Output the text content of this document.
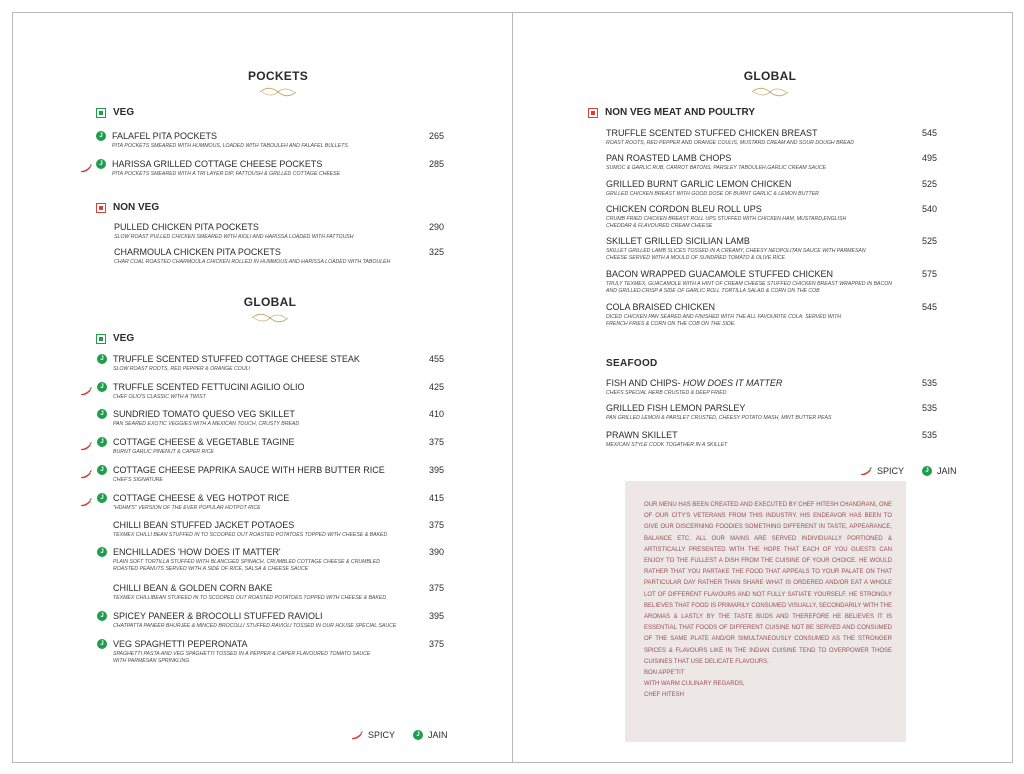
POCKETS
VEG
J	FALAFEL PITA POCKETS
PITA POCKETS SMEARED WITH HUMMOUS, LOADED WITH TABOULEH AND FALAFEL BULLETS
265
J	HARISSA GRILLED COTTAGE CHEESE POCKETS
PITA POCKETS SMEARED WITH A TRI LAYER DIP, FATTOUSH & GRILLED COTTAGE CHEESE
285
NON VEG
PULLED CHICKEN PITA POCKETS
SLOW ROAST PULLED CHICKEN SMEARED WITH AIOLI AND HARISSA LOADED WITH FATTOUSH
290
CHARMOULA CHICKEN PITA POCKETS
CHAR COAL ROASTED CHARMOULA CHICKEN ROLLED IN HUMMOUS AND HARISSA LOADED WITH TABOULEH
325
GLOBAL
VEG
J	TRUFFLE SCENTED STUFFED COTTAGE CHEESE STEAK
SLOW ROAST ROOTS, RED PEPPER & ORANGE COULI
455
J	TRUFFLE SCENTED FETTUCINI AGILIO OLIO
CHEF OLIO'S CLASSIC WITH A TWIST
425
J	SUNDRIED TOMATO QUESO VEG SKILLET
PAN SEARED EXOTIC VEGGIES WITH A MEXICAN TOUCH, CRUSTY BREAD
410
J	COTTAGE CHEESE & VEGETABLE TAGINE
BURNT GARLIC PINENUT & CAPER RICE
375
J	COTTAGE CHEESE PAPRIKA SAUCE WITH HERB BUTTER RICE
CHEF'S SIGNATURE
395
J	COTTAGE CHEESE & VEG HOTPOT RICE
"HDHM'S" VERSION OF THE EVER POPULAR HOTPOT RICE
415
CHILLI BEAN STUFFED JACKET POTAOES
TEXMEX CHILLI BEAN STUFFED IN TO SCOOPED OUT ROASTED POTATOES TOPPED WITH CHEESE & BAKED
375
J	ENCHILLADES 'HOW DOES IT MATTER'
PLAIN SOFT TORTILLA STUFFED WITH BLANCGED SPINACH, CRUMBLED COTTAGE CHEESE & CRUMBLED
ROASTED PEANUTS SERVED WITH A SIDE OF RICE, SALSA & CHEESE SAUCE
390
CHILLI BEAN & GOLDEN CORN BAKE
TEXMEX CHILLIBEAN STUFEED IN TO SCOOPED OUT ROASTED POTATOES TOPPED WITH CHEESE & BAKED
375
J	SPICEY PANEER & BROCOLLI STUFFED RAVIOLI
CHATPATTA PANEER BHURJEE & MINCED BROCOLLI STUFFED RAVIOLI TOSSED IN OUR HOUSE SPECIAL SAUCE
395
J	VEG SPAGHETTI PEPERONATA
SPAGHETTI PASTA AND VEG SPAGHETTI TOSSED IN A PEPPER & CAPER FLAVOURED TOMATO SAUCE
WITH PARMESAN SPRINKLING
375
SPICY	J JAIN
GLOBAL
NON VEG MEAT AND POULTRY
TRUFFLE SCENTED STUFFED CHICKEN BREAST
ROAST ROOTS, RED PEPPER AND ORANGE COULIS, MUSTARD CREAM AND SOUR DOUGH BREAD
545
PAN ROASTED LAMB CHOPS
SUMOC & GARLIC RUB, CARROT BATONS, PARSLEY TABOULEH,GARLIC CREAM SAUCE
495
GRILLED BURNT GARLIC LEMON CHICKEN
GRILLED CHICKEN BREAST WITH GOOD DOSE OF BURNT GARLIC & LEMON BUTTER
525
CHICKEN CORDON BLEU ROLL UPS
CRUMB FRIED CHICKEN BREAST ROLL UPS STUFFED WITH CHICKEN HAM, MUSTARD,ENGLISH
CHEDDAR & FLAVOURED CREAM CHEESE
540
SKILLET GRILLED SICILIAN LAMB
SKILLET GRILLED LAMB SLICES TOSSED IN A CREAMY, CHEESY NEOPOLITAN SAUCE WITH PARMESAN
CHEESE SERVED WITH A MOULD OF SUNDRIED TOMATO & OLIVE RICE
525
BACON WRAPPED GUACAMOLE STUFFED CHICKEN
TRULY TEXMEX, GUACAMOLE WITH A HINT OF CREAM CHEESE STUFFED CHICKEN BREAST WRAPPED IN BACON
AND GRILLED.CRISP A SIDE OF GARLIC ROLL TORTILLA SALAD & CORN ON THE COB
575
COLA BRAISED CHICKEN
DICED CHICKEN PAN SEARED AND FINISHED WITH THE ALL FAVOURITE COLA. SERVED WITH
FRENCH FRIES & CORN ON THE COB ON THE SIDE.
545
SEAFOOD
FISH AND CHIPS- HOW DOES IT MATTER
CHEFS SPECIAL HERB CRUSTED & DEEP FRIED
535
GRILLED FISH LEMON PARSLEY
PAN GRILLED LEMON & PARSLET CRUSTED, CHEESY POTATO MASH, MINT BUTTER PEAS
535
PRAWN SKILLET
MEXICAN STYLE COOK TOGATHER IN A SKILLET
535
SPICY	J JAIN
OUR MENU HAS BEEN CREATED AND EXECUTED BY CHEF HITESH CHANDRANI, ONE OF OUR CITY'S VETERANS FROM THIS INDUSTRY. HIS ENDEAVOR HAS BEEN TO GIVE OUR DISCERNING FOODIES SOMETHING DIFFERENT IN TASTE, APPEARANCE, BALANCE ETC. ALL OUR MAINS ARE SERVED INDIVIDUALLY PORTIONED & ARTISTICALLY PRESENTED WITH THE HOPE THAT EACH OF YOU GUESTS CAN ENJOY TO THE FULLEST A DISH FROM THE CUISINE OF YOUR CHOICE. HE WOULD RATHER THAT YOU PARTAKE THE FOOD THAT APPEALS TO YOUR PALATE ON THAT PARTICULAR DAY RATHER THAN SHARE WHAT IS ORDERED AND/OR EAT A WHOLE LOT OF DIFFERENT FLAVOURS AND NOT FULLY SATIATE YOURSELF. HE STRONGLY BELIEVES THAT FOOD IS PRIMARILY CONSUMED VISUALLY, SECONDARILY WITH THE AROMAS & LASTLY BY THE TASTE BUDS AND THEREFORE HE BELIEVES IT IS ESSENTIAL THAT FOODS OF DIFFERENT CUISINE NOT BE SERVED AND CONSUMED OF THE SAME PLATE AND/OR SIMULTANEOUSLY CONSUMED AS THE STRONGER SPICES & FLAVOURS LIKE IN THE INDIAN CUISINE TEND TO OVERPOWER THOSE CUISINES THAT USE DELICATE FLAVOURS.
BON APPE'TIT
WITH WARM CULINARY REGARDS,
CHEF HITESH
